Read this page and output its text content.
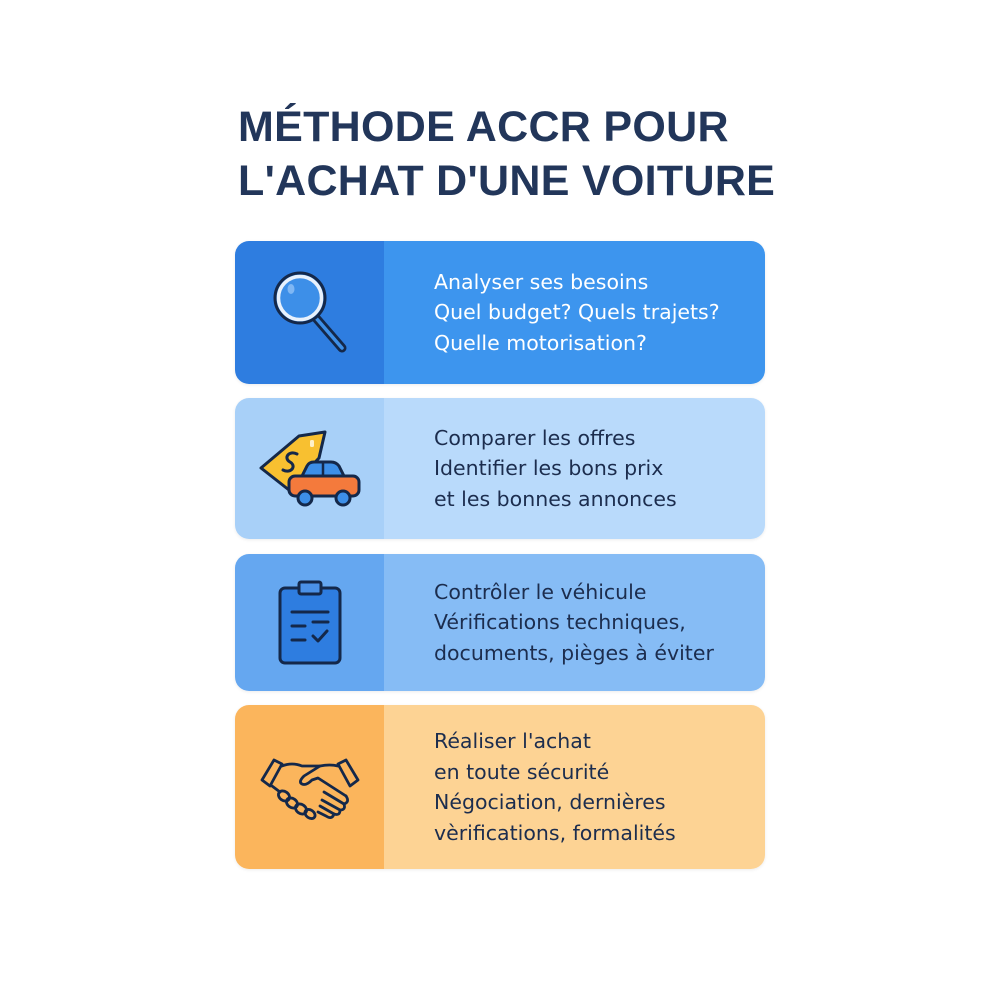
MÉTHODE ACCR POUR
L'ACHAT D'UNE VOITURE
Analyser ses besoins
Quel budget? Quels trajets?
Quelle motorisation?
Comparer les offres
Identifier les bons prix
et les bonnes annonces
Contrôler le véhicule
Vérifications techniques,
documents, pièges à éviter
Réaliser l'achat
en toute sécurité
Négociation, dernières
vèrifications, formalités
